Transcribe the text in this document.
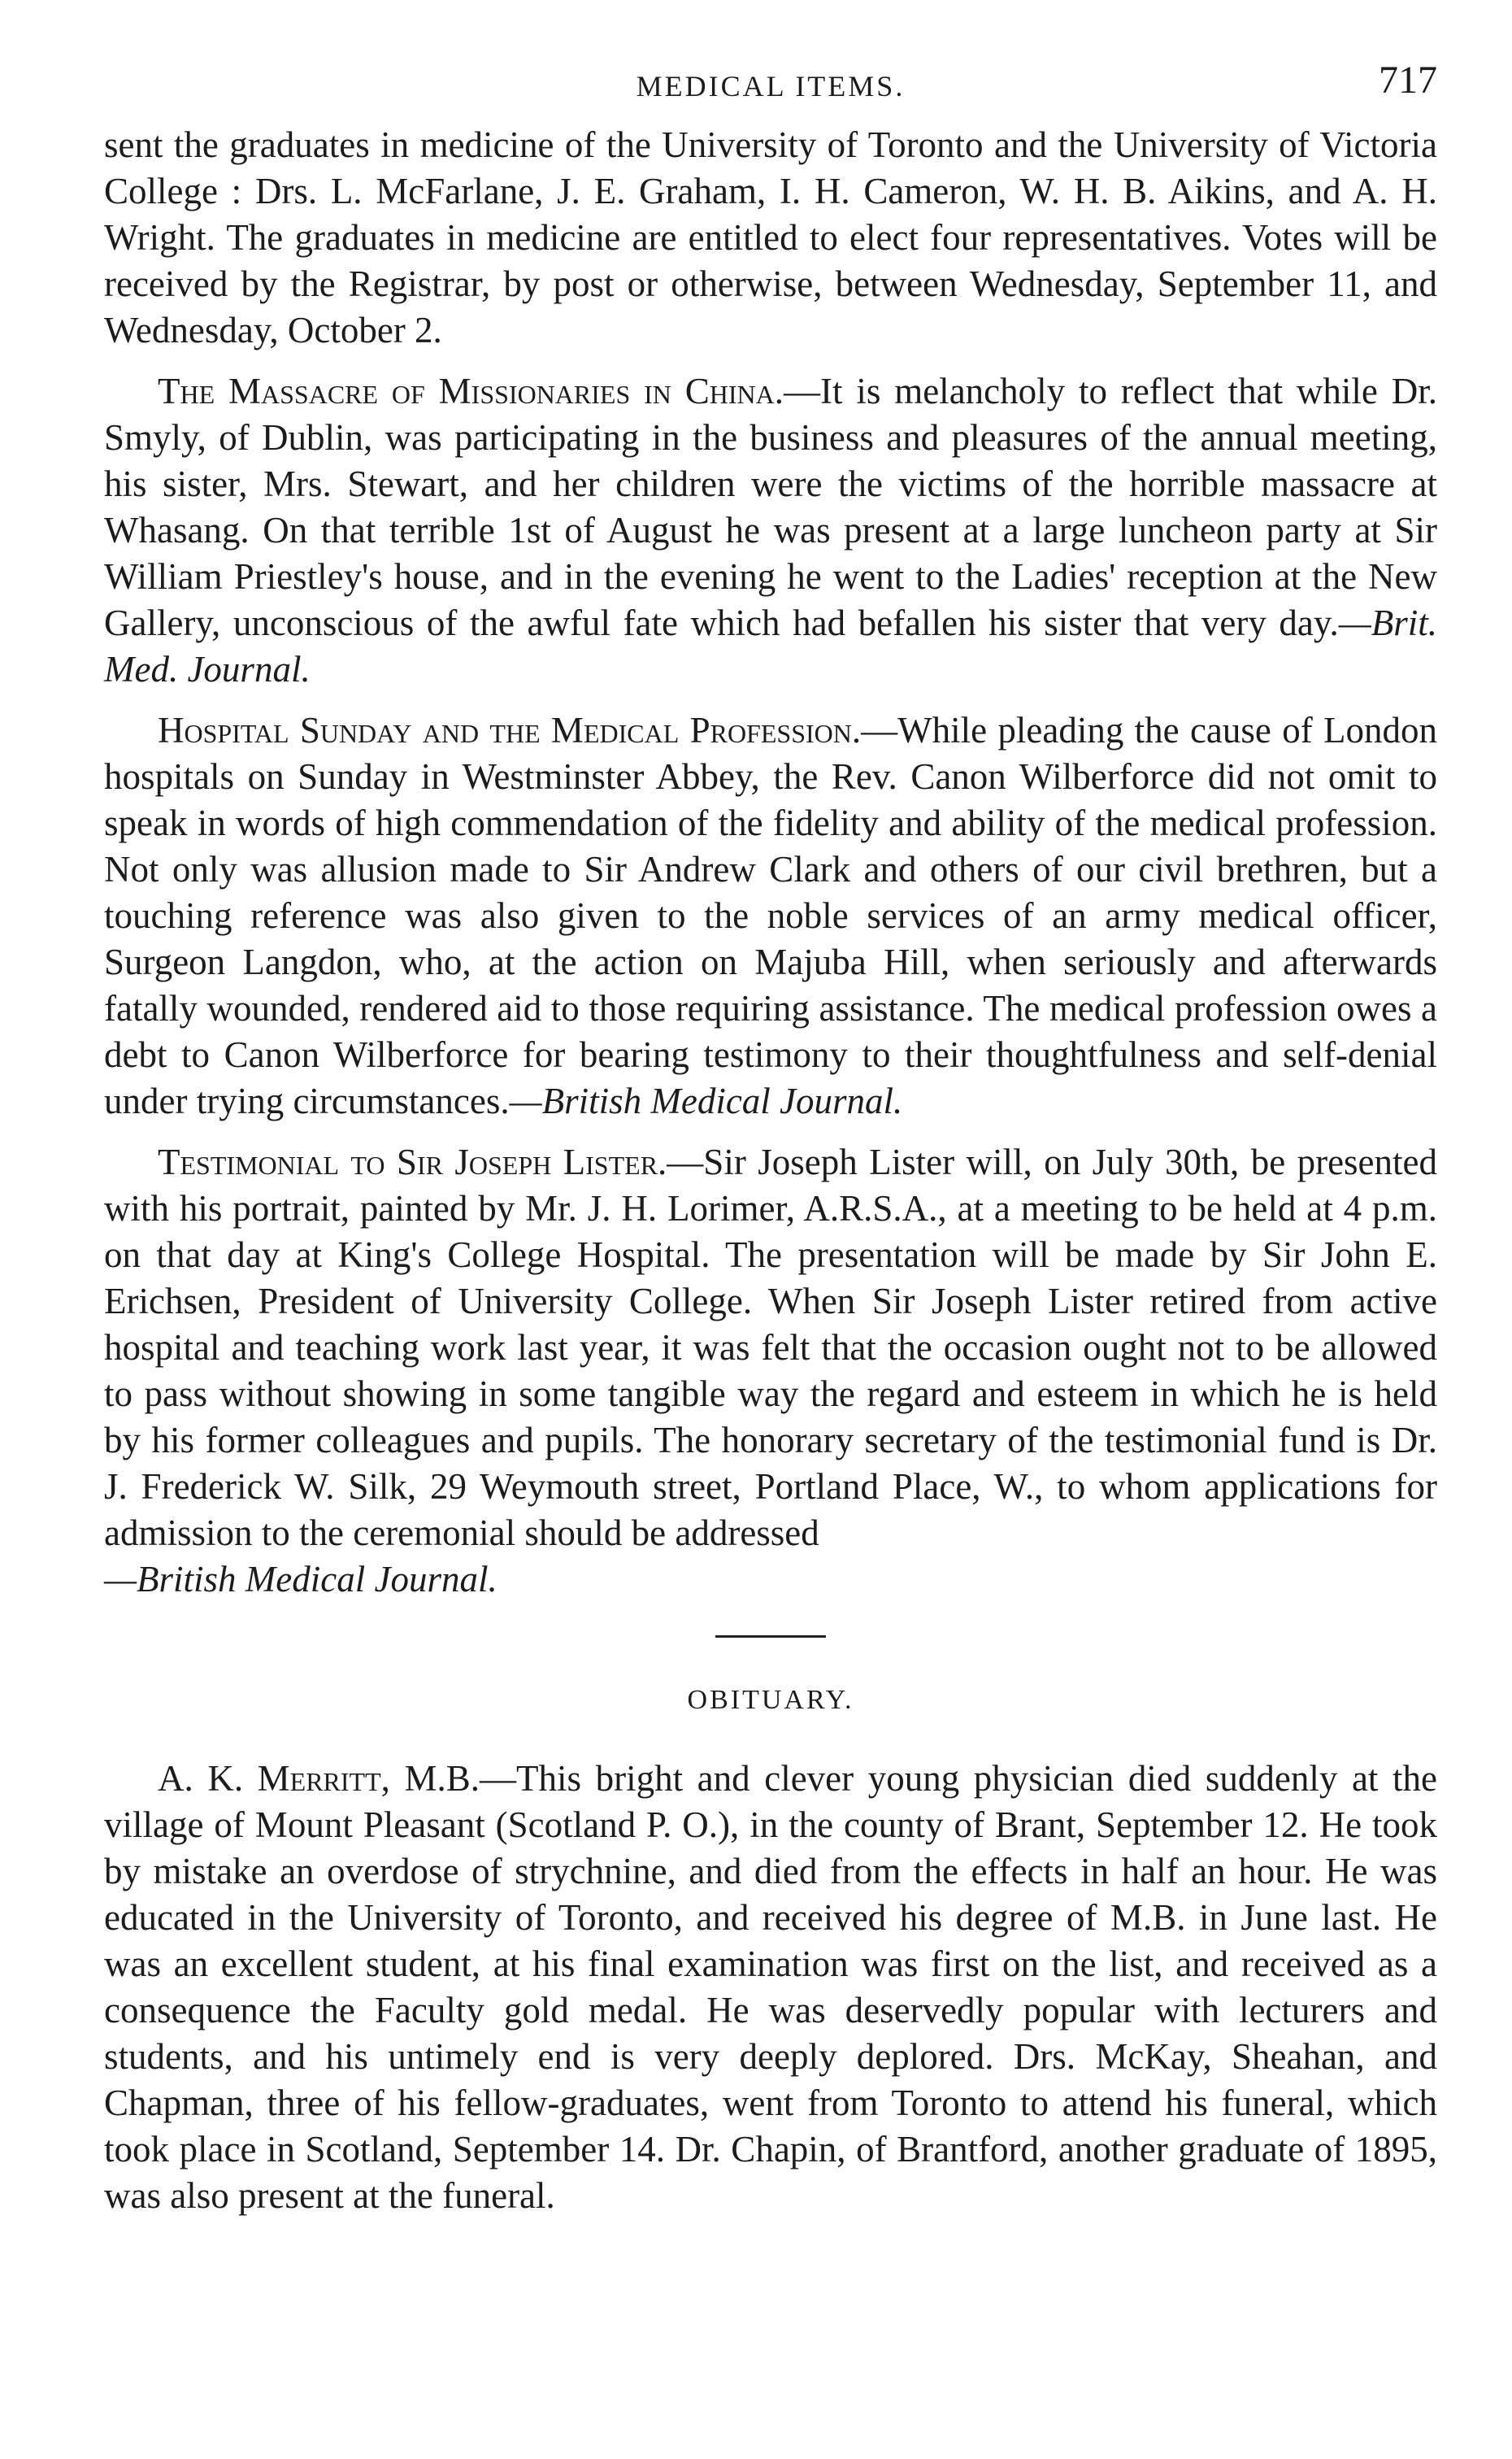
MEDICAL ITEMS.	717

sent the graduates in medicine of the University of Toronto and the University of Victoria College : Drs. L. McFarlane, J. E. Graham, I. H. Cameron, W. H. B. Aikins, and A. H. Wright. The graduates in medicine are entitled to elect four representatives. Votes will be received by the Registrar, by post or otherwise, between Wednesday, September 11, and Wednesday, October 2.

The Massacre of Missionaries in China.—It is melancholy to reflect that while Dr. Smyly, of Dublin, was participating in the business and pleasures of the annual meeting, his sister, Mrs. Stewart, and her children were the victims of the horrible massacre at Whasang. On that terrible 1st of August he was present at a large luncheon party at Sir William Priestley's house, and in the evening he went to the Ladies' reception at the New Gallery, unconscious of the awful fate which had befallen his sister that very day.—Brit. Med. Journal.

Hospital Sunday and the Medical Profession.—While pleading the cause of London hospitals on Sunday in Westminster Abbey, the Rev. Canon Wilberforce did not omit to speak in words of high commendation of the fidelity and ability of the medical profession. Not only was allusion made to Sir Andrew Clark and others of our civil brethren, but a touching reference was also given to the noble services of an army medical officer, Surgeon Langdon, who, at the action on Majuba Hill, when seriously and afterwards fatally wounded, rendered aid to those requiring assistance. The medical profession owes a debt to Canon Wilberforce for bearing testimony to their thoughtfulness and self-denial under trying circumstances.—British Medical Journal.

Testimonial to Sir Joseph Lister.—Sir Joseph Lister will, on July 30th, be presented with his portrait, painted by Mr. J. H. Lorimer, A.R.S.A., at a meeting to be held at 4 p.m. on that day at King's College Hospital. The presentation will be made by Sir John E. Erichsen, President of University College. When Sir Joseph Lister retired from active hospital and teaching work last year, it was felt that the occasion ought not to be allowed to pass without showing in some tangible way the regard and esteem in which he is held by his former colleagues and pupils. The honorary secretary of the testimonial fund is Dr. J. Frederick W. Silk, 29 Weymouth street, Portland Place, W., to whom applications for admission to the ceremonial should be addressed
—British Medical Journal.

OBITUARY.

A. K. Merritt, M.B.—This bright and clever young physician died suddenly at the village of Mount Pleasant (Scotland P. O.), in the county of Brant, September 12. He took by mistake an overdose of strychnine, and died from the effects in half an hour. He was educated in the University of Toronto, and received his degree of M.B. in June last. He was an excellent student, at his final examination was first on the list, and received as a consequence the Faculty gold medal. He was deservedly popular with lecturers and students, and his untimely end is very deeply deplored. Drs. McKay, Sheahan, and Chapman, three of his fellow-graduates, went from Toronto to attend his funeral, which took place in Scotland, September 14. Dr. Chapin, of Brantford, another graduate of 1895, was also present at the funeral.
